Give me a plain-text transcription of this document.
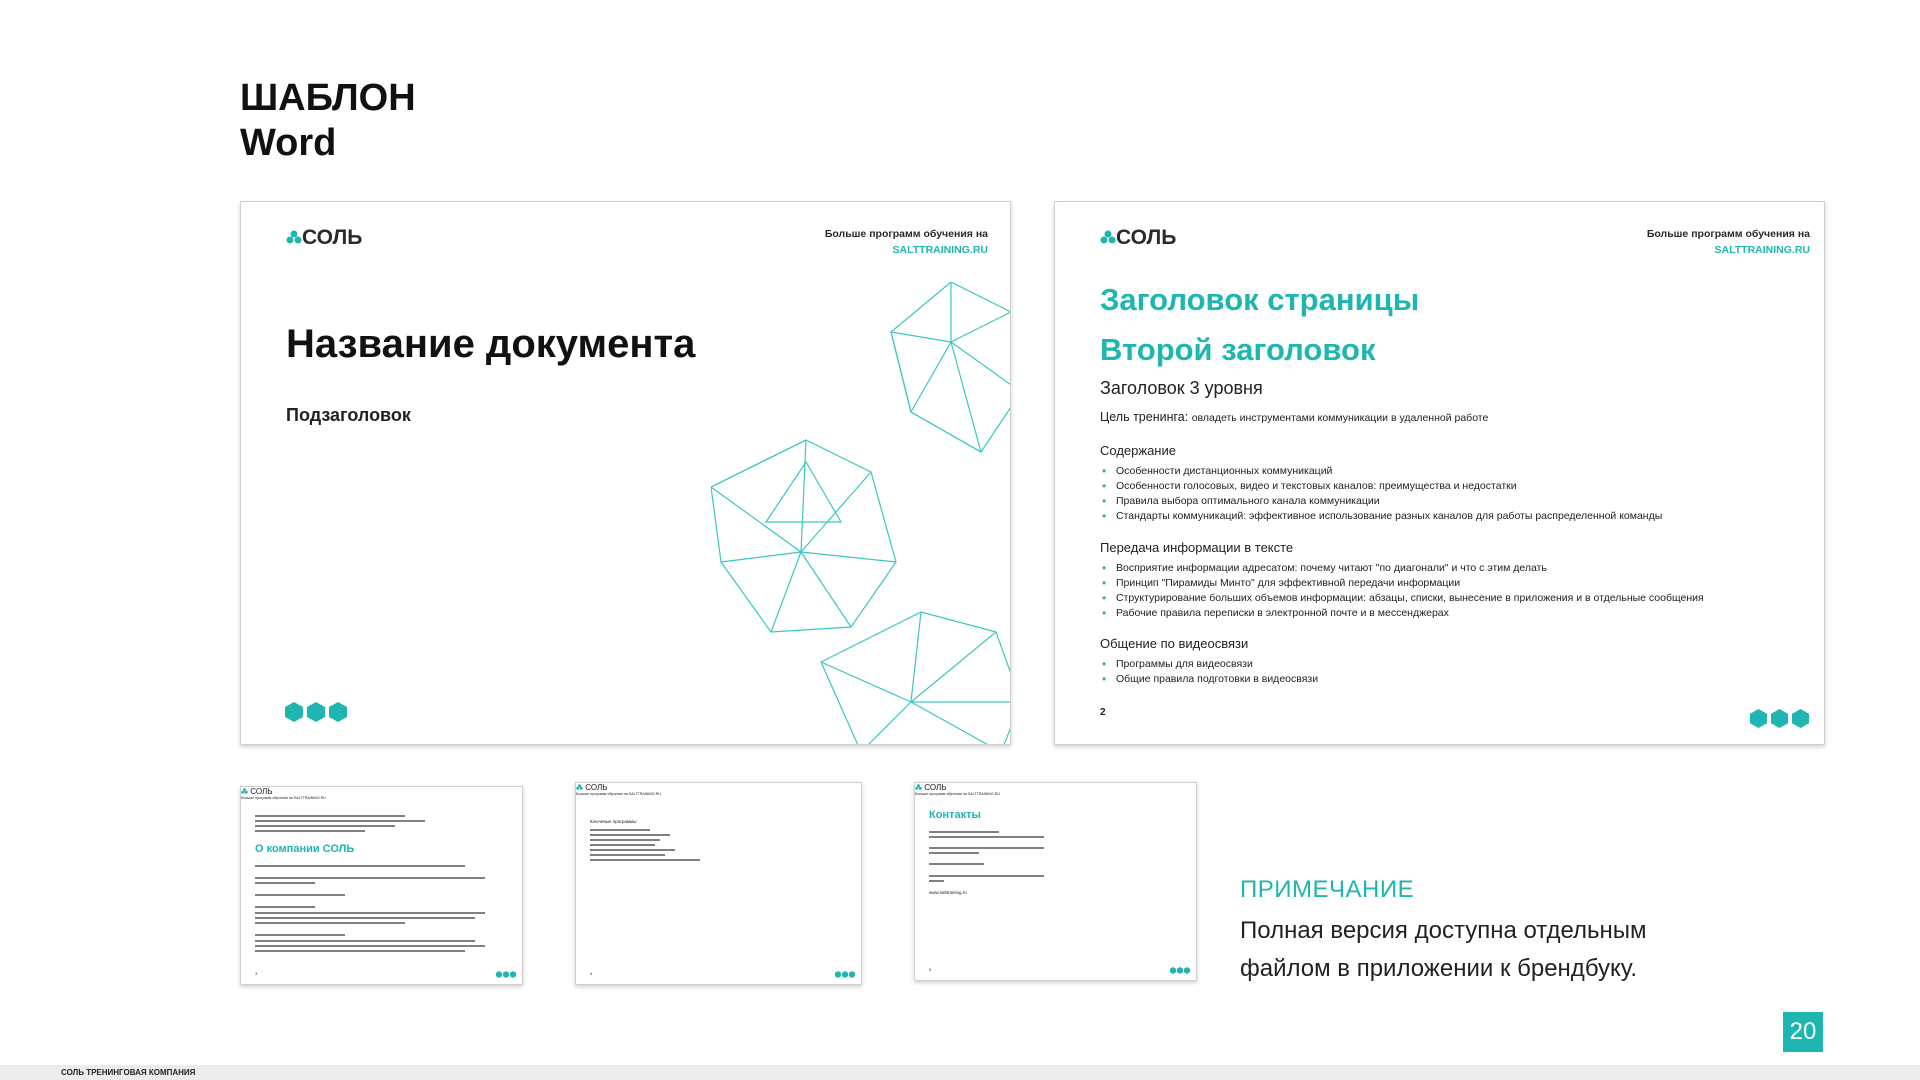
ШАБЛОН
Word
СОЛЬ	Больше программ обучения на
SALTTRAINING.RU
Название документа
Подзаголовок
СОЛЬ	Больше программ обучения на
SALTTRAINING.RU
Заголовок страницы
Второй заголовок
Заголовок 3 уровня
Цель тренинга: овладеть инструментами коммуникации в удаленной работе
Содержание
• Особенности дистанционных коммуникаций
• Особенности голосовых, видео и текстовых каналов: преимущества и недостатки
• Правила выбора оптимального канала коммуникации
• Стандарты коммуникаций: эффективное использование разных каналов для работы распределенной команды
Передача информации в тексте
• Восприятие информации адресатом: почему читают "по диагонали" и что с этим делать
• Принцип "Пирамиды Минто" для эффективной передачи информации
• Структурирование больших объемов информации: абзацы, списки, вынесение в приложения и в отдельные сообщения
• Рабочие правила переписки в электронной почте и в мессенджерах
Общение по видеосвязи
• Программы для видеосвязи
• Общие правила подготовки в видеосвязи
2
СОЛЬ
Больше программ обучения на SALTTRAINING.RU
О компании СОЛЬ
3
СОЛЬ
Больше программ обучения на SALTTRAINING.RU
Ключевые программы:
4
СОЛЬ
Больше программ обучения на SALTTRAINING.RU
Контакты
www.salttraining.ru
5
ПРИМЕЧАНИЕ
Полная версия доступна отдельным
файлом в приложении к брендбуку.
20
СОЛЬ ТРЕНИНГОВАЯ КОМПАНИЯ
